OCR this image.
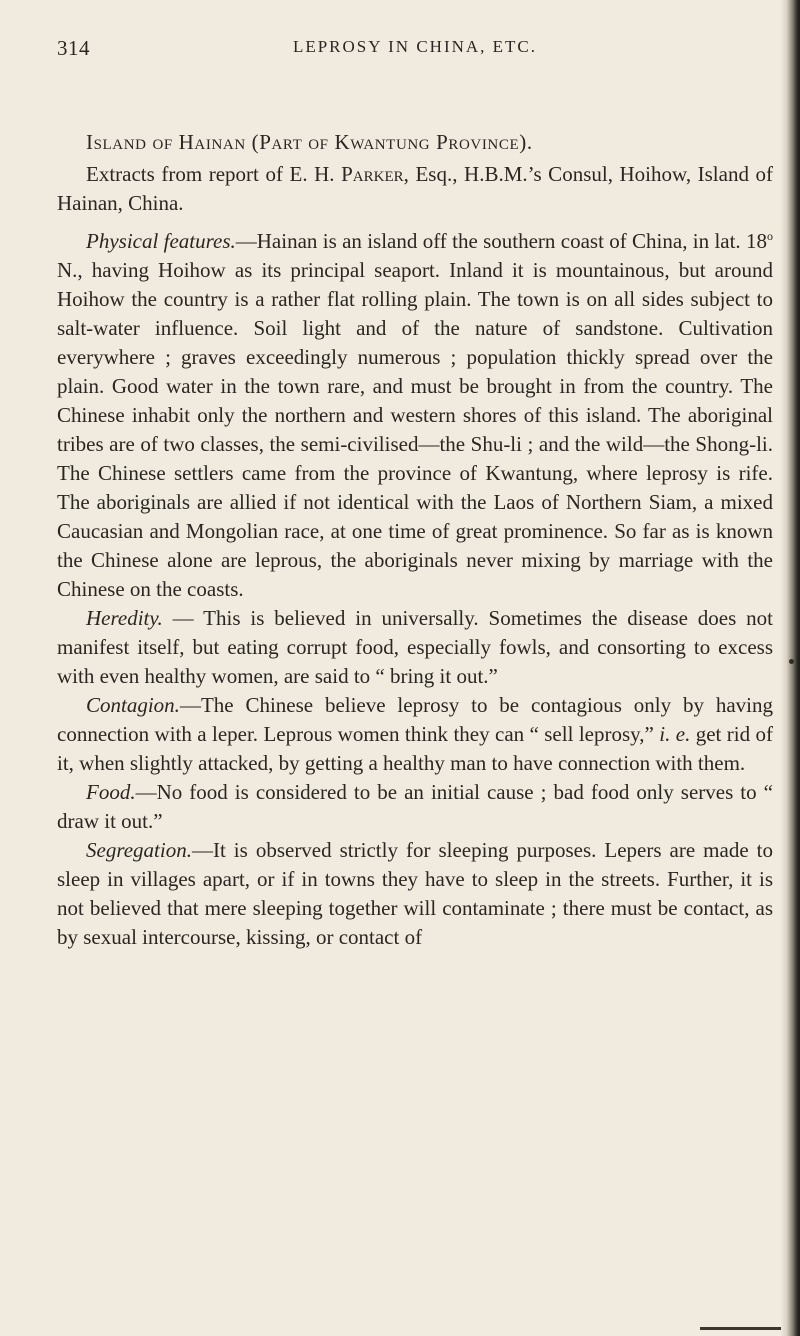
314	LEPROSY IN CHINA, ETC.
Island of Hainan (Part of Kwantung Province).

Extracts from report of E. H. Parker, Esq., H.B.M.’s Consul, Hoihow, Island of Hainan, China.

Physical features.—Hainan is an island off the southern coast of China, in lat. 18$^o$ N., having Hoihow as its principal seaport. Inland it is mountainous, but around Hoihow the country is a rather flat rolling plain. The town is on all sides subject to salt-water influence. Soil light and of the nature of sandstone. Cultivation everywhere ; graves exceedingly numerous ; population thickly spread over the plain. Good water in the town rare, and must be brought in from the country. The Chinese inhabit only the northern and western shores of this island. The aboriginal tribes are of two classes, the semi-civilised—the Shu-li ; and the wild—the Shong-li. The Chinese settlers came from the province of Kwantung, where leprosy is rife. The aboriginals are allied if not identical with the Laos of Northern Siam, a mixed Caucasian and Mongolian race, at one time of great prominence. So far as is known the Chinese alone are leprous, the aboriginals never mixing by marriage with the Chinese on the coasts.

Heredity. — This is believed in universally. Sometimes the disease does not manifest itself, but eating corrupt food, especially fowls, and consorting to excess with even healthy women, are said to “ bring it out.”

Contagion.—The Chinese believe leprosy to be contagious only by having connection with a leper. Leprous women think they can “ sell leprosy,” i. e. get rid of it, when slightly attacked, by getting a healthy man to have connection with them.

Food.—No food is considered to be an initial cause ; bad food only serves to “ draw it out.”

Segregation.—It is observed strictly for sleeping purposes. Lepers are made to sleep in villages apart, or if in towns they have to sleep in the streets. Further, it is not believed that mere sleeping together will contaminate ; there must be contact, as by sexual intercourse, kissing, or contact of
